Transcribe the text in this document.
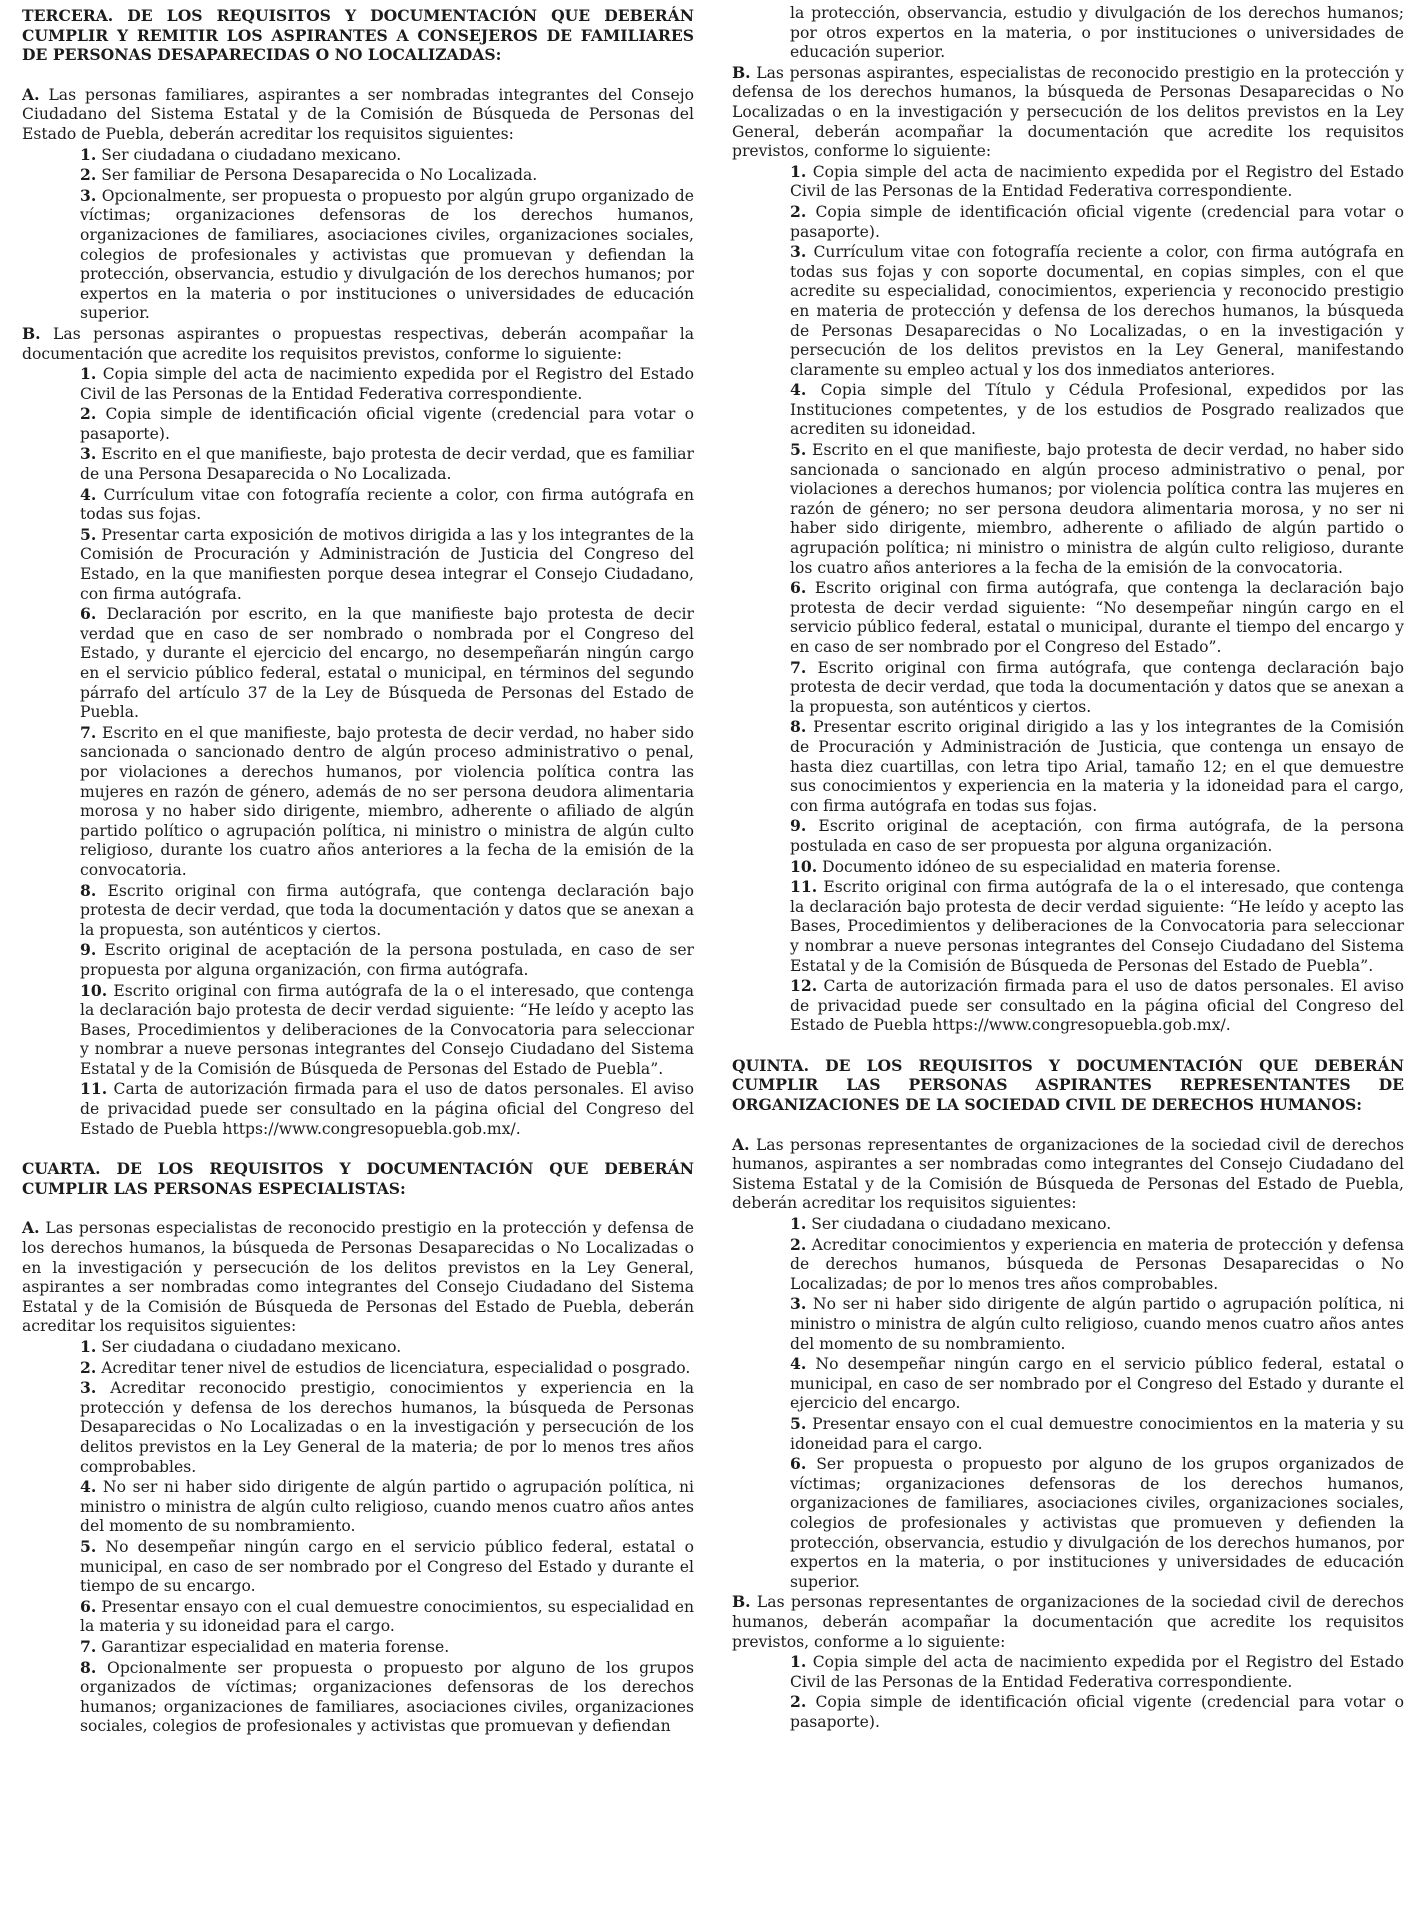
TERCERA. DE LOS REQUISITOS Y DOCUMENTACIÓN QUE DEBERÁN CUMPLIR Y REMITIR LOS ASPIRANTES A CONSEJEROS DE FAMILIARES DE PERSONAS DESAPARECIDAS O NO LOCALIZADAS:

A. Las personas familiares, aspirantes a ser nombradas integrantes del Consejo Ciudadano del Sistema Estatal y de la Comisión de Búsqueda de Personas del Estado de Puebla, deberán acreditar los requisitos siguientes:

1. Ser ciudadana o ciudadano mexicano.

2. Ser familiar de Persona Desaparecida o No Localizada.

3. Opcionalmente, ser propuesta o propuesto por algún grupo organizado de víctimas; organizaciones defensoras de los derechos humanos, organizaciones de familiares, asociaciones civiles, organizaciones sociales, colegios de profesionales y activistas que promuevan y defiendan la protección, observancia, estudio y divulgación de los derechos humanos; por expertos en la materia o por instituciones o universidades de educación superior.

B. Las personas aspirantes o propuestas respectivas, deberán acompañar la documentación que acredite los requisitos previstos, conforme lo siguiente:

1. Copia simple del acta de nacimiento expedida por el Registro del Estado Civil de las Personas de la Entidad Federativa correspondiente.

2. Copia simple de identificación oficial vigente (credencial para votar o pasaporte).

3. Escrito en el que manifieste, bajo protesta de decir verdad, que es familiar de una Persona Desaparecida o No Localizada.

4. Currículum vitae con fotografía reciente a color, con firma autógrafa en todas sus fojas.

5. Presentar carta exposición de motivos dirigida a las y los integrantes de la Comisión de Procuración y Administración de Justicia del Congreso del Estado, en la que manifiesten porque desea integrar el Consejo Ciudadano, con firma autógrafa.

6. Declaración por escrito, en la que manifieste bajo protesta de decir verdad que en caso de ser nombrado o nombrada por el Congreso del Estado, y durante el ejercicio del encargo, no desempeñarán ningún cargo en el servicio público federal, estatal o municipal, en términos del segundo párrafo del artículo 37 de la Ley de Búsqueda de Personas del Estado de Puebla.

7. Escrito en el que manifieste, bajo protesta de decir verdad, no haber sido sancionada o sancionado dentro de algún proceso administrativo o penal, por violaciones a derechos humanos, por violencia política contra las mujeres en razón de género, además de no ser persona deudora alimentaria morosa y no haber sido dirigente, miembro, adherente o afiliado de algún partido político o agrupación política, ni ministro o ministra de algún culto religioso, durante los cuatro años anteriores a la fecha de la emisión de la convocatoria.

8. Escrito original con firma autógrafa, que contenga declaración bajo protesta de decir verdad, que toda la documentación y datos que se anexan a la propuesta, son auténticos y ciertos.

9. Escrito original de aceptación de la persona postulada, en caso de ser propuesta por alguna organización, con firma autógrafa.

10. Escrito original con firma autógrafa de la o el interesado, que contenga la declaración bajo protesta de decir verdad siguiente: “He leído y acepto las Bases, Procedimientos y deliberaciones de la Convocatoria para seleccionar y nombrar a nueve personas integrantes del Consejo Ciudadano del Sistema Estatal y de la Comisión de Búsqueda de Personas del Estado de Puebla”.

11. Carta de autorización firmada para el uso de datos personales. El aviso de privacidad puede ser consultado en la página oficial del Congreso del Estado de Puebla https://www.congresopuebla.gob.mx/.

CUARTA. DE LOS REQUISITOS Y DOCUMENTACIÓN QUE DEBERÁN CUMPLIR LAS PERSONAS ESPECIALISTAS:

A. Las personas especialistas de reconocido prestigio en la protección y defensa de los derechos humanos, la búsqueda de Personas Desaparecidas o No Localizadas o en la investigación y persecución de los delitos previstos en la Ley General, aspirantes a ser nombradas como integrantes del Consejo Ciudadano del Sistema Estatal y de la Comisión de Búsqueda de Personas del Estado de Puebla, deberán acreditar los requisitos siguientes:

1. Ser ciudadana o ciudadano mexicano.

2. Acreditar tener nivel de estudios de licenciatura, especialidad o posgrado.

3. Acreditar reconocido prestigio, conocimientos y experiencia en la protección y defensa de los derechos humanos, la búsqueda de Personas Desaparecidas o No Localizadas o en la investigación y persecución de los delitos previstos en la Ley General de la materia; de por lo menos tres años comprobables.

4. No ser ni haber sido dirigente de algún partido o agrupación política, ni ministro o ministra de algún culto religioso, cuando menos cuatro años antes del momento de su nombramiento.

5. No desempeñar ningún cargo en el servicio público federal, estatal o municipal, en caso de ser nombrado por el Congreso del Estado y durante el tiempo de su encargo.

6. Presentar ensayo con el cual demuestre conocimientos, su especialidad en la materia y su idoneidad para el cargo.

7. Garantizar especialidad en materia forense.

8. Opcionalmente ser propuesta o propuesto por alguno de los grupos organizados de víctimas; organizaciones defensoras de los derechos humanos; organizaciones de familiares, asociaciones civiles, organizaciones sociales, colegios de profesionales y activistas que promuevan y defiendan

la protección, observancia, estudio y divulgación de los derechos humanos; por otros expertos en la materia, o por instituciones o universidades de educación superior.

B. Las personas aspirantes, especialistas de reconocido prestigio en la protección y defensa de los derechos humanos, la búsqueda de Personas Desaparecidas o No Localizadas o en la investigación y persecución de los delitos previstos en la Ley General, deberán acompañar la documentación que acredite los requisitos previstos, conforme lo siguiente:

1. Copia simple del acta de nacimiento expedida por el Registro del Estado Civil de las Personas de la Entidad Federativa correspondiente.

2. Copia simple de identificación oficial vigente (credencial para votar o pasaporte).

3. Currículum vitae con fotografía reciente a color, con firma autógrafa en todas sus fojas y con soporte documental, en copias simples, con el que acredite su especialidad, conocimientos, experiencia y reconocido prestigio en materia de protección y defensa de los derechos humanos, la búsqueda de Personas Desaparecidas o No Localizadas, o en la investigación y persecución de los delitos previstos en la Ley General, manifestando claramente su empleo actual y los dos inmediatos anteriores.

4. Copia simple del Título y Cédula Profesional, expedidos por las Instituciones competentes, y de los estudios de Posgrado realizados que acrediten su idoneidad.

5. Escrito en el que manifieste, bajo protesta de decir verdad, no haber sido sancionada o sancionado en algún proceso administrativo o penal, por violaciones a derechos humanos; por violencia política contra las mujeres en razón de género; no ser persona deudora alimentaria morosa, y no ser ni haber sido dirigente, miembro, adherente o afiliado de algún partido o agrupación política; ni ministro o ministra de algún culto religioso, durante los cuatro años anteriores a la fecha de la emisión de la convocatoria.

6. Escrito original con firma autógrafa, que contenga la declaración bajo protesta de decir verdad siguiente: “No desempeñar ningún cargo en el servicio público federal, estatal o municipal, durante el tiempo del encargo y en caso de ser nombrado por el Congreso del Estado”.

7. Escrito original con firma autógrafa, que contenga declaración bajo protesta de decir verdad, que toda la documentación y datos que se anexan a la propuesta, son auténticos y ciertos.

8. Presentar escrito original dirigido a las y los integrantes de la Comisión de Procuración y Administración de Justicia, que contenga un ensayo de hasta diez cuartillas, con letra tipo Arial, tamaño 12; en el que demuestre sus conocimientos y experiencia en la materia y la idoneidad para el cargo, con firma autógrafa en todas sus fojas.

9. Escrito original de aceptación, con firma autógrafa, de la persona postulada en caso de ser propuesta por alguna organización.

10. Documento idóneo de su especialidad en materia forense.

11. Escrito original con firma autógrafa de la o el interesado, que contenga la declaración bajo protesta de decir verdad siguiente: “He leído y acepto las Bases, Procedimientos y deliberaciones de la Convocatoria para seleccionar y nombrar a nueve personas integrantes del Consejo Ciudadano del Sistema Estatal y de la Comisión de Búsqueda de Personas del Estado de Puebla”.

12. Carta de autorización firmada para el uso de datos personales. El aviso de privacidad puede ser consultado en la página oficial del Congreso del Estado de Puebla https://www.congresopuebla.gob.mx/.

QUINTA. DE LOS REQUISITOS Y DOCUMENTACIÓN QUE DEBERÁN CUMPLIR LAS PERSONAS ASPIRANTES REPRESENTANTES DE ORGANIZACIONES DE LA SOCIEDAD CIVIL DE DERECHOS HUMANOS:

A. Las personas representantes de organizaciones de la sociedad civil de derechos humanos, aspirantes a ser nombradas como integrantes del Consejo Ciudadano del Sistema Estatal y de la Comisión de Búsqueda de Personas del Estado de Puebla, deberán acreditar los requisitos siguientes:

1. Ser ciudadana o ciudadano mexicano.

2. Acreditar conocimientos y experiencia en materia de protección y defensa de derechos humanos, búsqueda de Personas Desaparecidas o No Localizadas; de por lo menos tres años comprobables.

3. No ser ni haber sido dirigente de algún partido o agrupación política, ni ministro o ministra de algún culto religioso, cuando menos cuatro años antes del momento de su nombramiento.

4. No desempeñar ningún cargo en el servicio público federal, estatal o municipal, en caso de ser nombrado por el Congreso del Estado y durante el ejercicio del encargo.

5. Presentar ensayo con el cual demuestre conocimientos en la materia y su idoneidad para el cargo.

6. Ser propuesta o propuesto por alguno de los grupos organizados de víctimas; organizaciones defensoras de los derechos humanos, organizaciones de familiares, asociaciones civiles, organizaciones sociales, colegios de profesionales y activistas que promueven y defienden la protección, observancia, estudio y divulgación de los derechos humanos, por expertos en la materia, o por instituciones y universidades de educación superior.

B. Las personas representantes de organizaciones de la sociedad civil de derechos humanos, deberán acompañar la documentación que acredite los requisitos previstos, conforme a lo siguiente:

1. Copia simple del acta de nacimiento expedida por el Registro del Estado Civil de las Personas de la Entidad Federativa correspondiente.

2. Copia simple de identificación oficial vigente (credencial para votar o pasaporte).
